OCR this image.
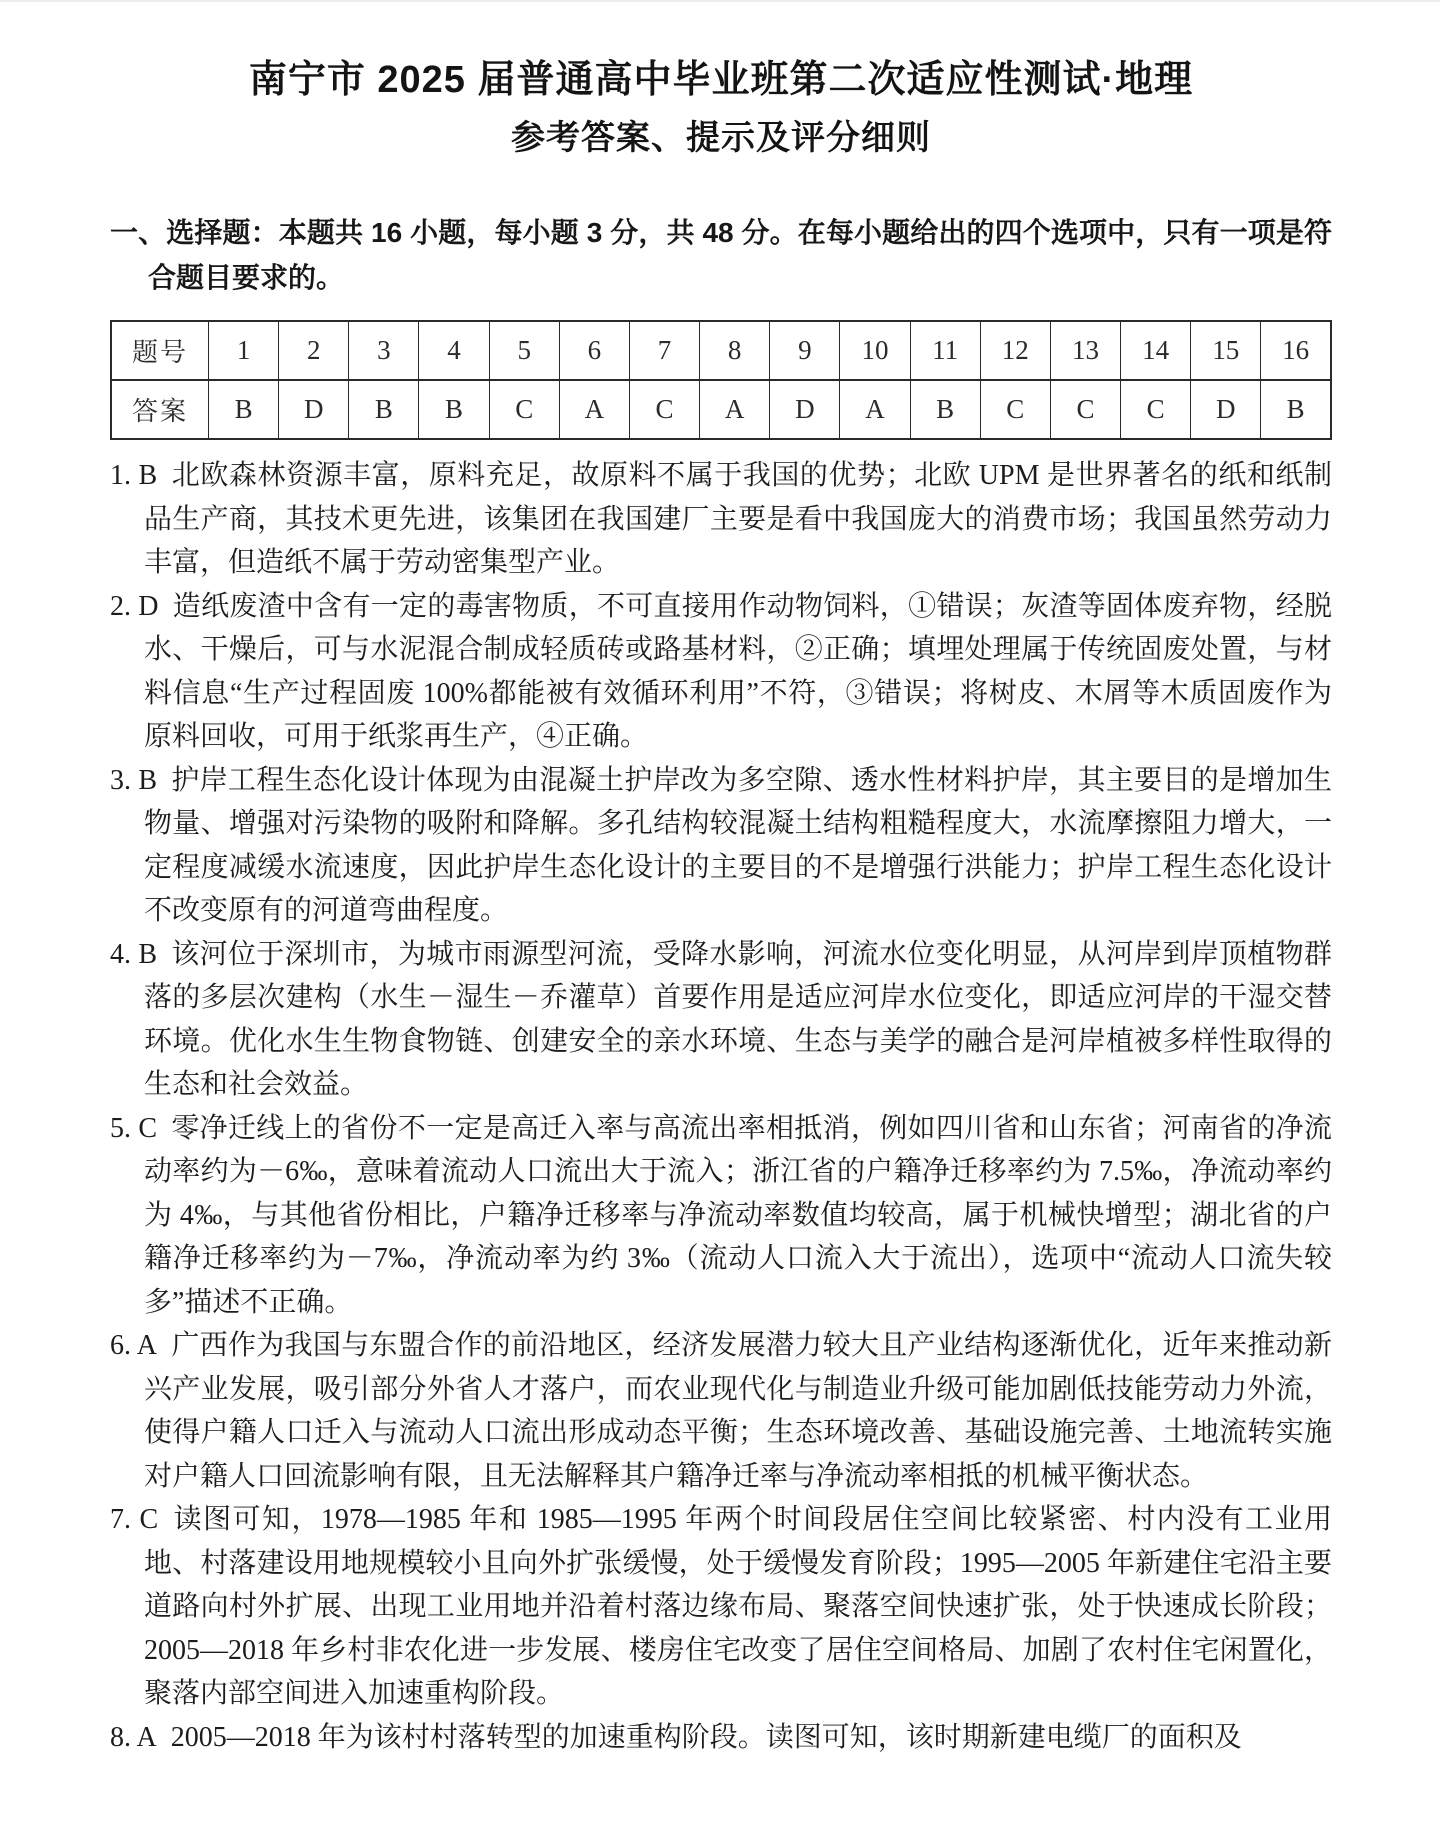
南宁市 2025 届普通高中毕业班第二次适应性测试·地理
参考答案、提示及评分细则

一、选择题：本题共 16 小题，每小题 3 分，共 48 分。在每小题给出的四个选项中，只有一项是符合题目要求的。

题号	1	2	3	4	5	6	7	8	9	10	11	12	13	14	15	16
答案	B	D	B	B	C	A	C	A	D	A	B	C	C	C	D	B

1. B 北欧森林资源丰富，原料充足，故原料不属于我国的优势；北欧 UPM 是世界著名的纸和纸制品生产商，其技术更先进，该集团在我国建厂主要是看中我国庞大的消费市场；我国虽然劳动力丰富，但造纸不属于劳动密集型产业。

2. D 造纸废渣中含有一定的毒害物质，不可直接用作动物饲料，①错误；灰渣等固体废弃物，经脱水、干燥后，可与水泥混合制成轻质砖或路基材料，②正确；填埋处理属于传统固废处置，与材料信息“生产过程固废 100%都能被有效循环利用”不符，③错误；将树皮、木屑等木质固废作为原料回收，可用于纸浆再生产，④正确。

3. B 护岸工程生态化设计体现为由混凝土护岸改为多空隙、透水性材料护岸，其主要目的是增加生物量、增强对污染物的吸附和降解。多孔结构较混凝土结构粗糙程度大，水流摩擦阻力增大，一定程度减缓水流速度，因此护岸生态化设计的主要目的不是增强行洪能力；护岸工程生态化设计不改变原有的河道弯曲程度。

4. B 该河位于深圳市，为城市雨源型河流，受降水影响，河流水位变化明显，从河岸到岸顶植物群落的多层次建构（水生－湿生－乔灌草）首要作用是适应河岸水位变化，即适应河岸的干湿交替环境。优化水生生物食物链、创建安全的亲水环境、生态与美学的融合是河岸植被多样性取得的生态和社会效益。

5. C 零净迁线上的省份不一定是高迁入率与高流出率相抵消，例如四川省和山东省；河南省的净流动率约为－6‰，意味着流动人口流出大于流入；浙江省的户籍净迁移率约为 7.5‰，净流动率约为 4‰，与其他省份相比，户籍净迁移率与净流动率数值均较高，属于机械快增型；湖北省的户籍净迁移率约为－7‰，净流动率为约 3‰（流动人口流入大于流出），选项中“流动人口流失较多”描述不正确。

6. A 广西作为我国与东盟合作的前沿地区，经济发展潜力较大且产业结构逐渐优化，近年来推动新兴产业发展，吸引部分外省人才落户，而农业现代化与制造业升级可能加剧低技能劳动力外流，使得户籍人口迁入与流动人口流出形成动态平衡；生态环境改善、基础设施完善、土地流转实施对户籍人口回流影响有限，且无法解释其户籍净迁率与净流动率相抵的机械平衡状态。

7. C 读图可知，1978—1985 年和 1985—1995 年两个时间段居住空间比较紧密、村内没有工业用地、村落建设用地规模较小且向外扩张缓慢，处于缓慢发育阶段；1995—2005 年新建住宅沿主要道路向村外扩展、出现工业用地并沿着村落边缘布局、聚落空间快速扩张，处于快速成长阶段；2005—2018 年乡村非农化进一步发展、楼房住宅改变了居住空间格局、加剧了农村住宅闲置化，聚落内部空间进入加速重构阶段。

8. A 2005—2018 年为该村村落转型的加速重构阶段。读图可知，该时期新建电缆厂的面积及
